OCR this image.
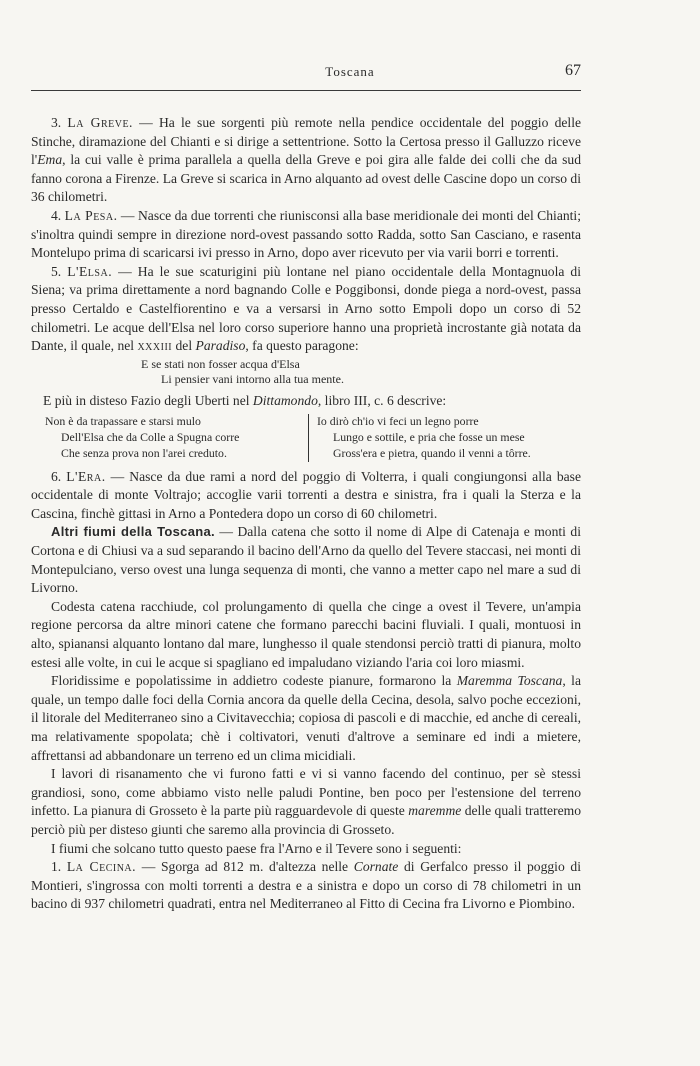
Toscana	67

3. La Greve. — Ha le sue sorgenti più remote nella pendice occidentale del poggio delle Stinche, diramazione del Chianti e si dirige a settentrione. Sotto la Certosa presso il Galluzzo riceve l'Ema, la cui valle è prima parallela a quella della Greve e poi gira alle falde dei colli che da sud fanno corona a Firenze. La Greve si scarica in Arno alquanto ad ovest delle Cascine dopo un corso di 36 chilometri.

4. La Pesa. — Nasce da due torrenti che riunisconsi alla base meridionale dei monti del Chianti; s'inoltra quindi sempre in direzione nord-ovest passando sotto Radda, sotto San Casciano, e rasenta Montelupo prima di scaricarsi ivi presso in Arno, dopo aver ricevuto per via varii borri e torrenti.

5. L'Elsa. — Ha le sue scaturigini più lontane nel piano occidentale della Montagnuola di Siena; va prima direttamente a nord bagnando Colle e Poggibonsi, donde piega a nord-ovest, passa presso Certaldo e Castelfiorentino e va a versarsi in Arno sotto Empoli dopo un corso di 52 chilometri. Le acque dell'Elsa nel loro corso superiore hanno una proprietà incrostante già notata da Dante, il quale, nel xxxiii del Paradiso, fa questo paragone:

E se stati non fosser acqua d'Elsa
Li pensier vani intorno alla tua mente.

E più in disteso Fazio degli Uberti nel Dittamondo, libro III, c. 6 descrive:

Non è da trapassare e starsi mulo
Dell'Elsa che da Colle a Spugna corre
Che senza prova non l'arei creduto.
Io dirò ch'io vi feci un legno porre
Lungo e sottile, e pria che fosse un mese
Gross'era e pietra, quando il venni a tôrre.

6. L'Era. — Nasce da due rami a nord del poggio di Volterra, i quali congiungonsi alla base occidentale di monte Voltrajo; accoglie varii torrenti a destra e sinistra, fra i quali la Sterza e la Cascina, finchè gittasi in Arno a Pontedera dopo un corso di 60 chilometri.

Altri fiumi della Toscana. — Dalla catena che sotto il nome di Alpe di Catenaja e monti di Cortona e di Chiusi va a sud separando il bacino dell'Arno da quello del Tevere staccasi, nei monti di Montepulciano, verso ovest una lunga sequenza di monti, che vanno a metter capo nel mare a sud di Livorno.

Codesta catena racchiude, col prolungamento di quella che cinge a ovest il Tevere, un'ampia regione percorsa da altre minori catene che formano parecchi bacini fluviali. I quali, montuosi in alto, spianansi alquanto lontano dal mare, lunghesso il quale stendonsi perciò tratti di pianura, molto estesi alle volte, in cui le acque si spagliano ed impaludano viziando l'aria coi loro miasmi.

Floridissime e popolatissime in addietro codeste pianure, formarono la Maremma Toscana, la quale, un tempo dalle foci della Cornia ancora da quelle della Cecina, desola, salvo poche eccezioni, il litorale del Mediterraneo sino a Civitavecchia; copiosa di pascoli e di macchie, ed anche di cereali, ma relativamente spopolata; chè i coltivatori, venuti d'altrove a seminare ed indi a mietere, affrettansi ad abbandonare un terreno ed un clima micidiali.

I lavori di risanamento che vi furono fatti e vi si vanno facendo del continuo, per sè stessi grandiosi, sono, come abbiamo visto nelle paludi Pontine, ben poco per l'estensione del terreno infetto. La pianura di Grosseto è la parte più ragguardevole di queste maremme delle quali tratteremo perciò più per disteso giunti che saremo alla provincia di Grosseto.

I fiumi che solcano tutto questo paese fra l'Arno e il Tevere sono i seguenti:

1. La Cecina. — Sgorga ad 812 m. d'altezza nelle Cornate di Gerfalco presso il poggio di Montieri, s'ingrossa con molti torrenti a destra e a sinistra e dopo un corso di 78 chilometri in un bacino di 937 chilometri quadrati, entra nel Mediterraneo al Fitto di Cecina fra Livorno e Piombino.
